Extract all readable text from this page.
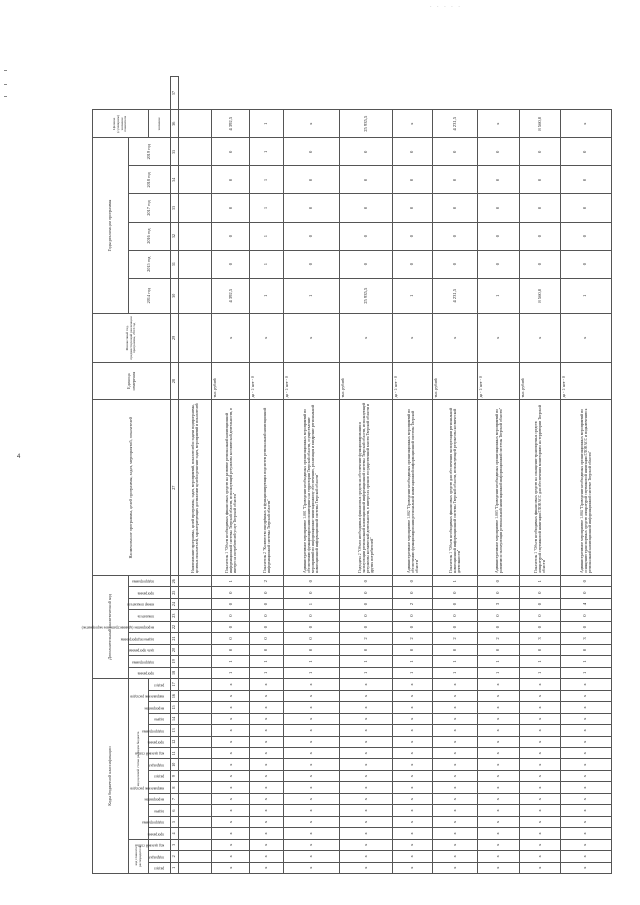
4
· · · · ·
Коды бюджетной классификации																	Дополнительный аналитический код									Наименование программы, целей программы, задач, мероприятий, показателей	Единица измерения	Финансовый год, предшествующий реализации программы, 2013 год	Годы реализации программы						Целевое (суммарное) значение показателя	
код главного распорядителя			код целевой статьи расходов бюджета														программа	подпрограмма	цель программы	задача подпрограммы	мероприятие (административное мероприятие)	показатель	номер показателя	программа	подпрограмма				2014 год	2015 год	2016 год	2017 год	2018 год	2019 год		

раздел	подраздел	код целевой статьи	программа	подпрограмма	задача	мероприятие	направление расходов	раздел	подраздел	код целевой статьи	программа	подпрограмма	задача	мероприятие	направление расходов	раздел																			значение	
1	2	3	4	5	6	7	8	9	10	11	12	13	14	15	16	17	18	19	20	21	22	23	24	25	26	27	28	29	30	31	32	33	34	35	36	37
																										Наименование программы, целей программы, задач, мероприятий, показателей и задачи подпрограммы, целевых показателей, характеризующих достижение целей и решение задач, мероприятий и показателей										
х	х	х	х	х	х	х	х	х	х	х	х	х	х	х	х	х	1	1	0	0	0	0	0	0	1	Показатель 1 "Объем необходимых финансовых средств на развитие региональной навигационной информационной системы Тверской области, использующей результаты космической деятельности, в интересах потребителей услуг Тверской области"	тыс. рублей	х	4 392,5	0	0	0	0	0	4 392,5	
х	х	х	х	х	х	х	х	х	х	х	х	х	х	х	х	х	1	1	0	0	0	0	0	0	2	Показатель 2 "Количество внедрённых и функционирующих подсистем региональной навигационной информационной системы Тверской области"	да - 1/ нет - 0	х	1	1	1	1	1	1	1	
х	х	х	х	х	х	х	х	х	х	х	х	х	х	х	х	х	1	1	0	0	0	0	1	0	0	Административное мероприятие 1.001 "Проведение необходимых организационных мероприятий по обеспечению функционирования мониторинга на территории Тверской области, осуществление мероприятий по информационно-навигационному обеспечению, реализация и внедрение региональной навигационной информационной системы Тверской области"	да - 1/ нет - 0	х	1	0	0	0	0	0	х	
х	х	х	х	х	х	х	х	х	х	х	х	х	х	х	х	х	1	1	0	2	0	0	0	0	0	Подзадача 2 "Объем необходимых финансовых средств на обеспечение функционирования и эксплуатации региональной навигационной информационной системы Тверской области, использующей результаты космической деятельности, в интересах органов государственной власти Тверской области и других потребителей"	тыс. рублей	х	25 935,5	0	0	0	0	0	25 935,5	
х	х	х	х	х	х	х	х	х	х	х	х	х	х	х	х	х	1	1	0	2	0	0	2	0	0	Административное мероприятие 1.002 "Проведение необходимых организационных мероприятий по обеспечению функционирования региональной навигационной информационной системы Тверской области"	да - 1/ нет - 0	х	1	0	0	0	0	0	х	
х	х	х	х	х	х	х	х	х	х	х	х	х	х	х	х	х	1	1	0	2	0	0	0	0	1	Показатель 1 "Объем необходимых финансовых средств для обеспечения эксплуатации региональной навигационной информационной системы Тверской области, использующей результаты космической деятельности"	тыс. рублей	х	4 231,5	0	0	0	0	0	4 231,5	
х	х	х	х	х	х	х	х	х	х	х	х	х	х	х	х	х	1	1	0	2	0	0	3	0	0	Административное мероприятие 1.003 "Проведение необходимых организационных мероприятий по развитию и эксплуатации региональной навигационной информационной системы Тверской области"	да - 1/ нет - 0	х	1	0	0	0	0	0	х	
х	х	х	х	х	х	х	х	х	х	х	х	х	х	х	х	х	1	1	0	3	0	0	0	0	1	Показатель 1 "Объем необходимых финансовых средств на оснащение транспортных средств аппаратурой спутниковой навигации ГЛОНАСС для обеспечения мониторинга на территории Тверской области"	тыс. рублей	х	8 560,0	0	0	0	0	0	8 560,0	
х	х	х	х	х	х	х	х	х	х	х	х	х	х	х	х	х	1	1	0	3	0	0	4	0	0	Административное мероприятие 1.004 "Проведение необходимых организационных мероприятий по оснащению транспортных средств аппаратурой спутниковой навигации ГЛОНАСС и подключению к региональной навигационной информационной системе Тверской области"	да - 1/ нет - 0	х	1	0	0	0	0	0	х	
